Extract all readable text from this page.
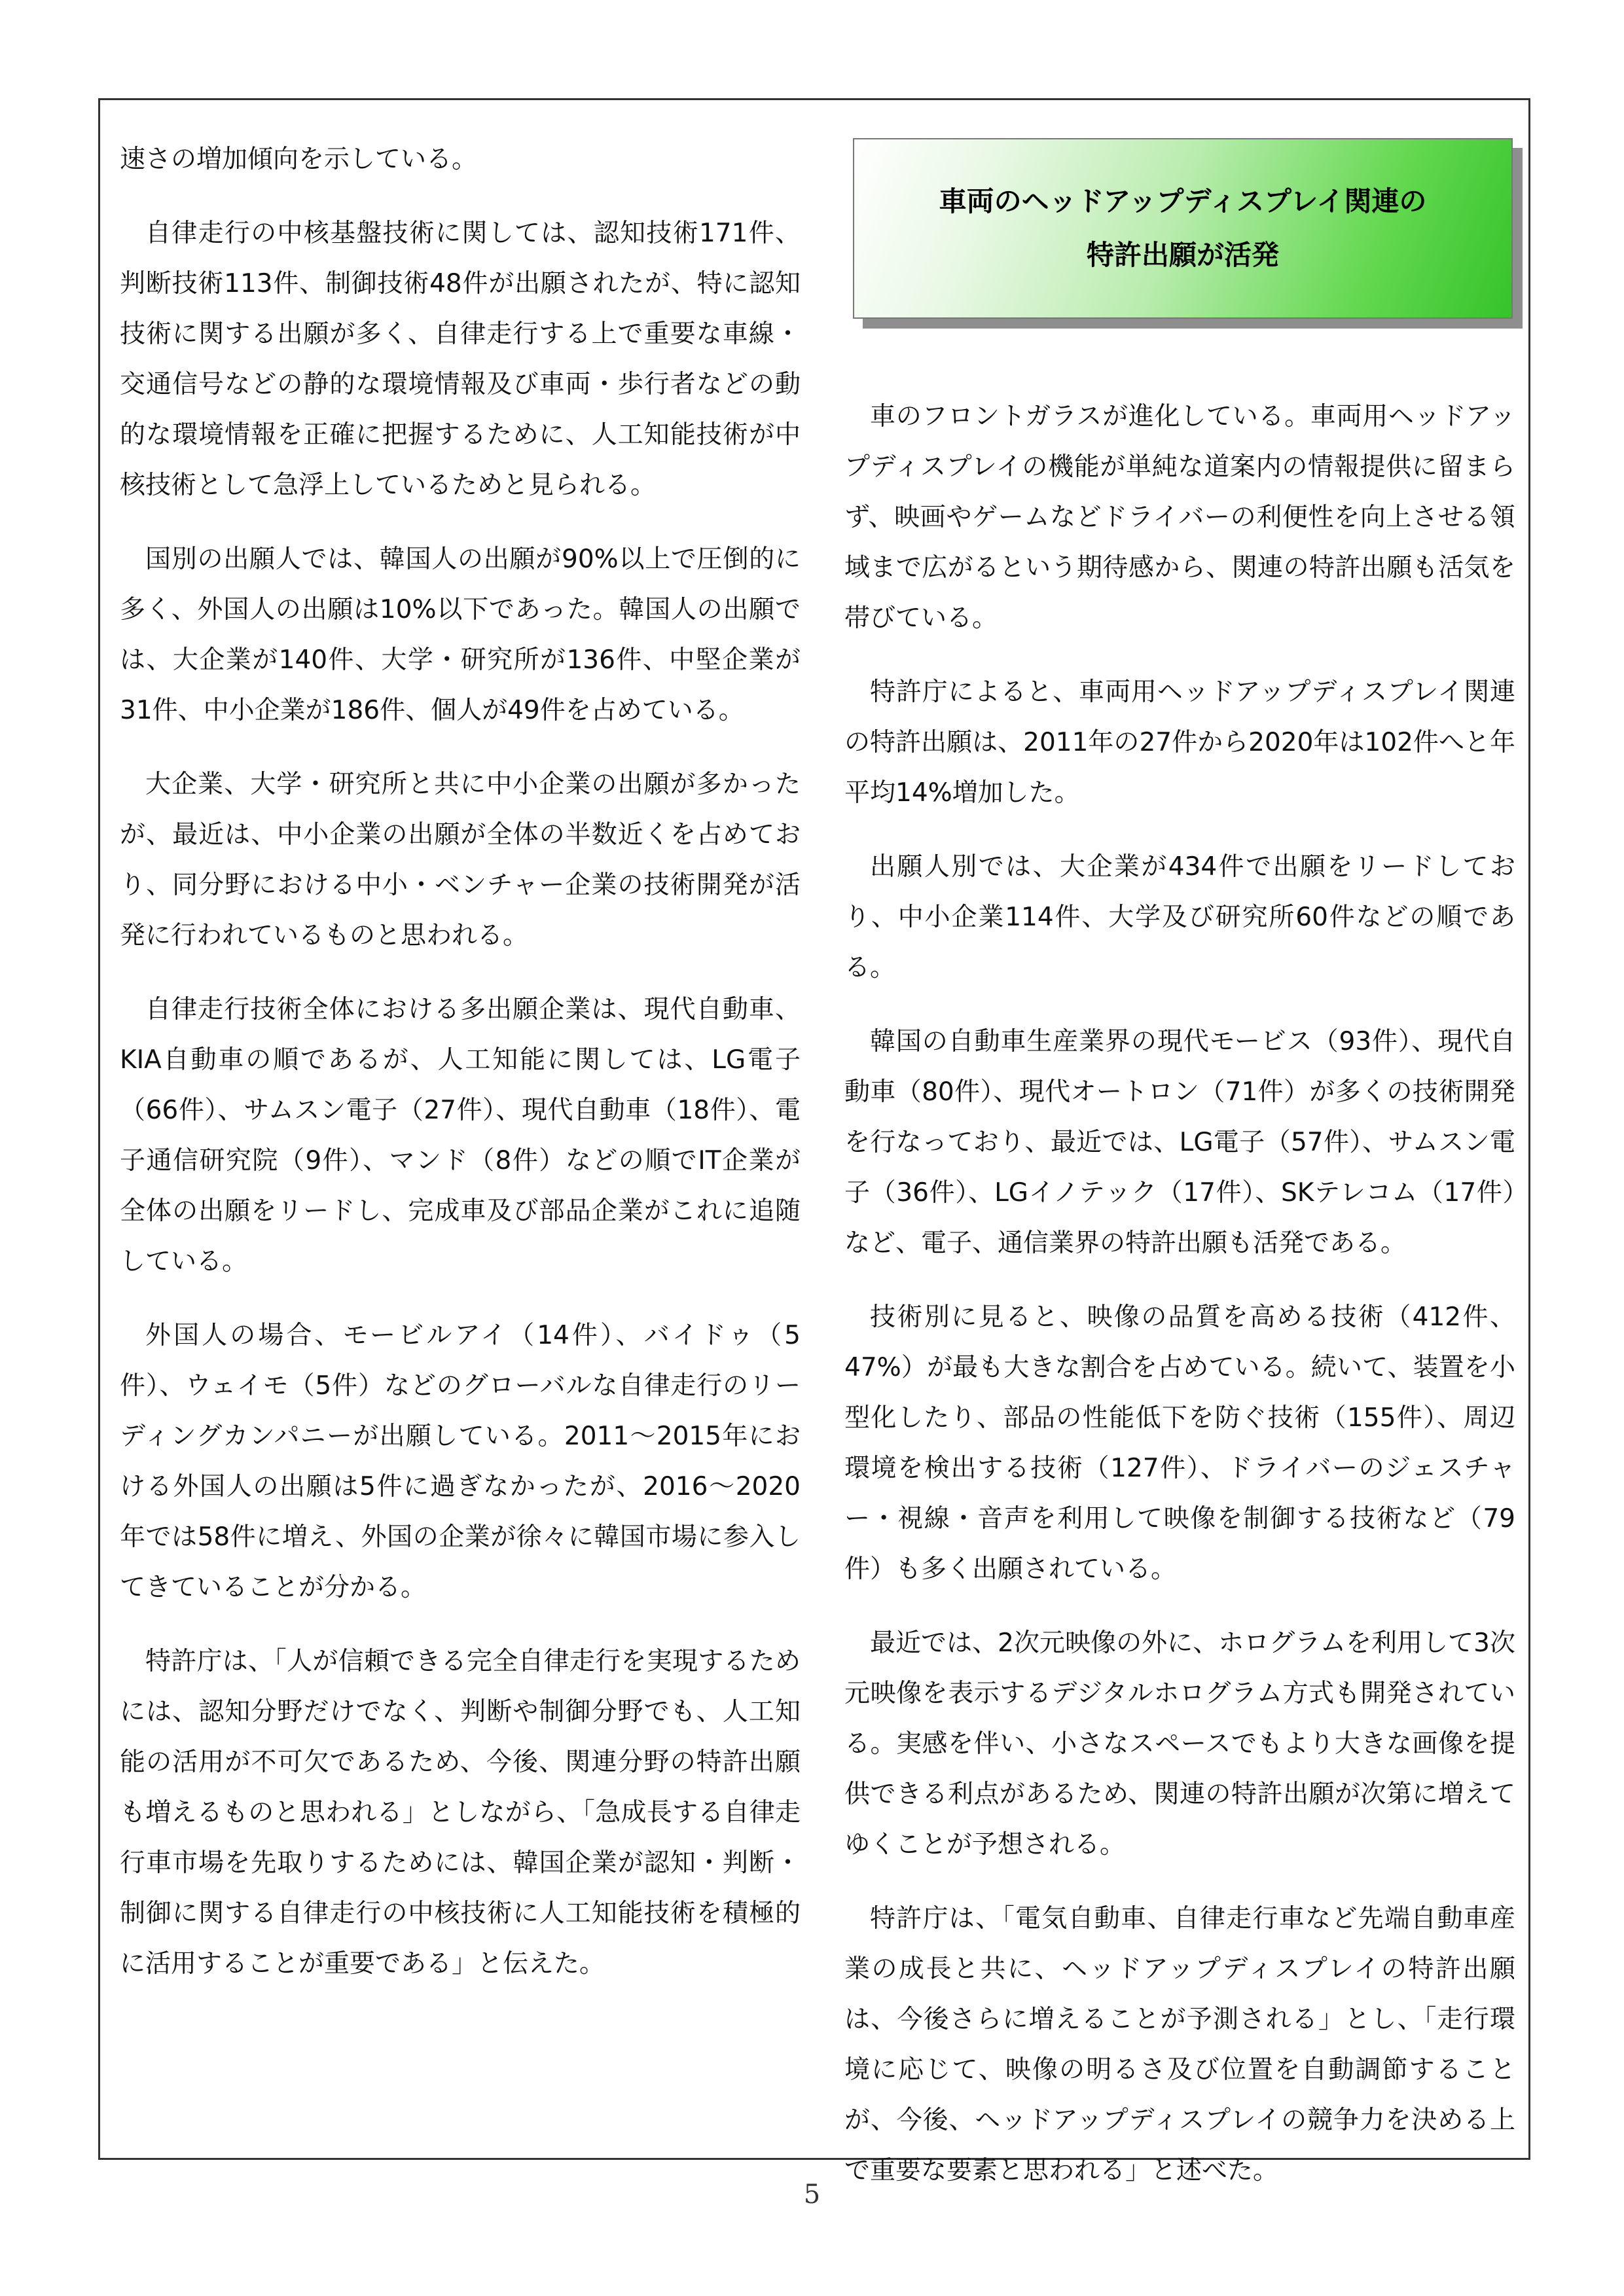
速さの増加傾向を示している。

自律走行の中核基盤技術に関しては、認知技術171件、判断技術113件、制御技術48件が出願されたが、特に認知技術に関する出願が多く、自律走行する上で重要な車線・交通信号などの静的な環境情報及び車両・歩行者などの動的な環境情報を正確に把握するために、人工知能技術が中核技術として急浮上しているためと見られる。

国別の出願人では、韓国人の出願が90%以上で圧倒的に多く、外国人の出願は10%以下であった。韓国人の出願では、大企業が140件、大学・研究所が136件、中堅企業が31件、中小企業が186件、個人が49件を占めている。

大企業、大学・研究所と共に中小企業の出願が多かったが、最近は、中小企業の出願が全体の半数近くを占めており、同分野における中小・ベンチャー企業の技術開発が活発に行われているものと思われる。

自律走行技術全体における多出願企業は、現代自動車、KIA自動車の順であるが、人工知能に関しては、LG電子（66件）、サムスン電子（27件）、現代自動車（18件）、電子通信研究院（9件）、マンド（8件）などの順でIT企業が全体の出願をリードし、完成車及び部品企業がこれに追随している。

外国人の場合、モービルアイ（14件）、バイドゥ（5件）、ウェイモ（5件）などのグローバルな自律走行のリーディングカンパニーが出願している。2011～2015年における外国人の出願は5件に過ぎなかったが、2016～2020年では58件に増え、外国の企業が徐々に韓国市場に参入してきていることが分かる。

特許庁は、「人が信頼できる完全自律走行を実現するためには、認知分野だけでなく、判断や制御分野でも、人工知能の活用が不可欠であるため、今後、関連分野の特許出願も増えるものと思われる」としながら、「急成長する自律走行車市場を先取りするためには、韓国企業が認知・判断・制御に関する自律走行の中核技術に人工知能技術を積極的に活用することが重要である」と伝えた。

車両のヘッドアップディスプレイ関連の
特許出願が活発

車のフロントガラスが進化している。車両用ヘッドアップディスプレイの機能が単純な道案内の情報提供に留まらず、映画やゲームなどドライバーの利便性を向上させる領域まで広がるという期待感から、関連の特許出願も活気を帯びている。

特許庁によると、車両用ヘッドアップディスプレイ関連の特許出願は、2011年の27件から2020年は102件へと年平均14%増加した。

出願人別では、大企業が434件で出願をリードしており、中小企業114件、大学及び研究所60件などの順である。

韓国の自動車生産業界の現代モービス（93件）、現代自動車（80件）、現代オートロン（71件）が多くの技術開発を行なっており、最近では、LG電子（57件）、サムスン電子（36件）、LGイノテック（17件）、SKテレコム（17件）など、電子、通信業界の特許出願も活発である。

技術別に見ると、映像の品質を高める技術（412件、47%）が最も大きな割合を占めている。続いて、装置を小型化したり、部品の性能低下を防ぐ技術（155件）、周辺環境を検出する技術（127件）、ドライバーのジェスチャー・視線・音声を利用して映像を制御する技術など（79件）も多く出願されている。

最近では、2次元映像の外に、ホログラムを利用して3次元映像を表示するデジタルホログラム方式も開発されている。実感を伴い、小さなスペースでもより大きな画像を提供できる利点があるため、関連の特許出願が次第に増えてゆくことが予想される。

特許庁は、「電気自動車、自律走行車など先端自動車産業の成長と共に、ヘッドアップディスプレイの特許出願は、今後さらに増えることが予測される」とし、「走行環境に応じて、映像の明るさ及び位置を自動調節することが、今後、ヘッドアップディスプレイの競争力を決める上で重要な要素と思われる」と述べた。

5
